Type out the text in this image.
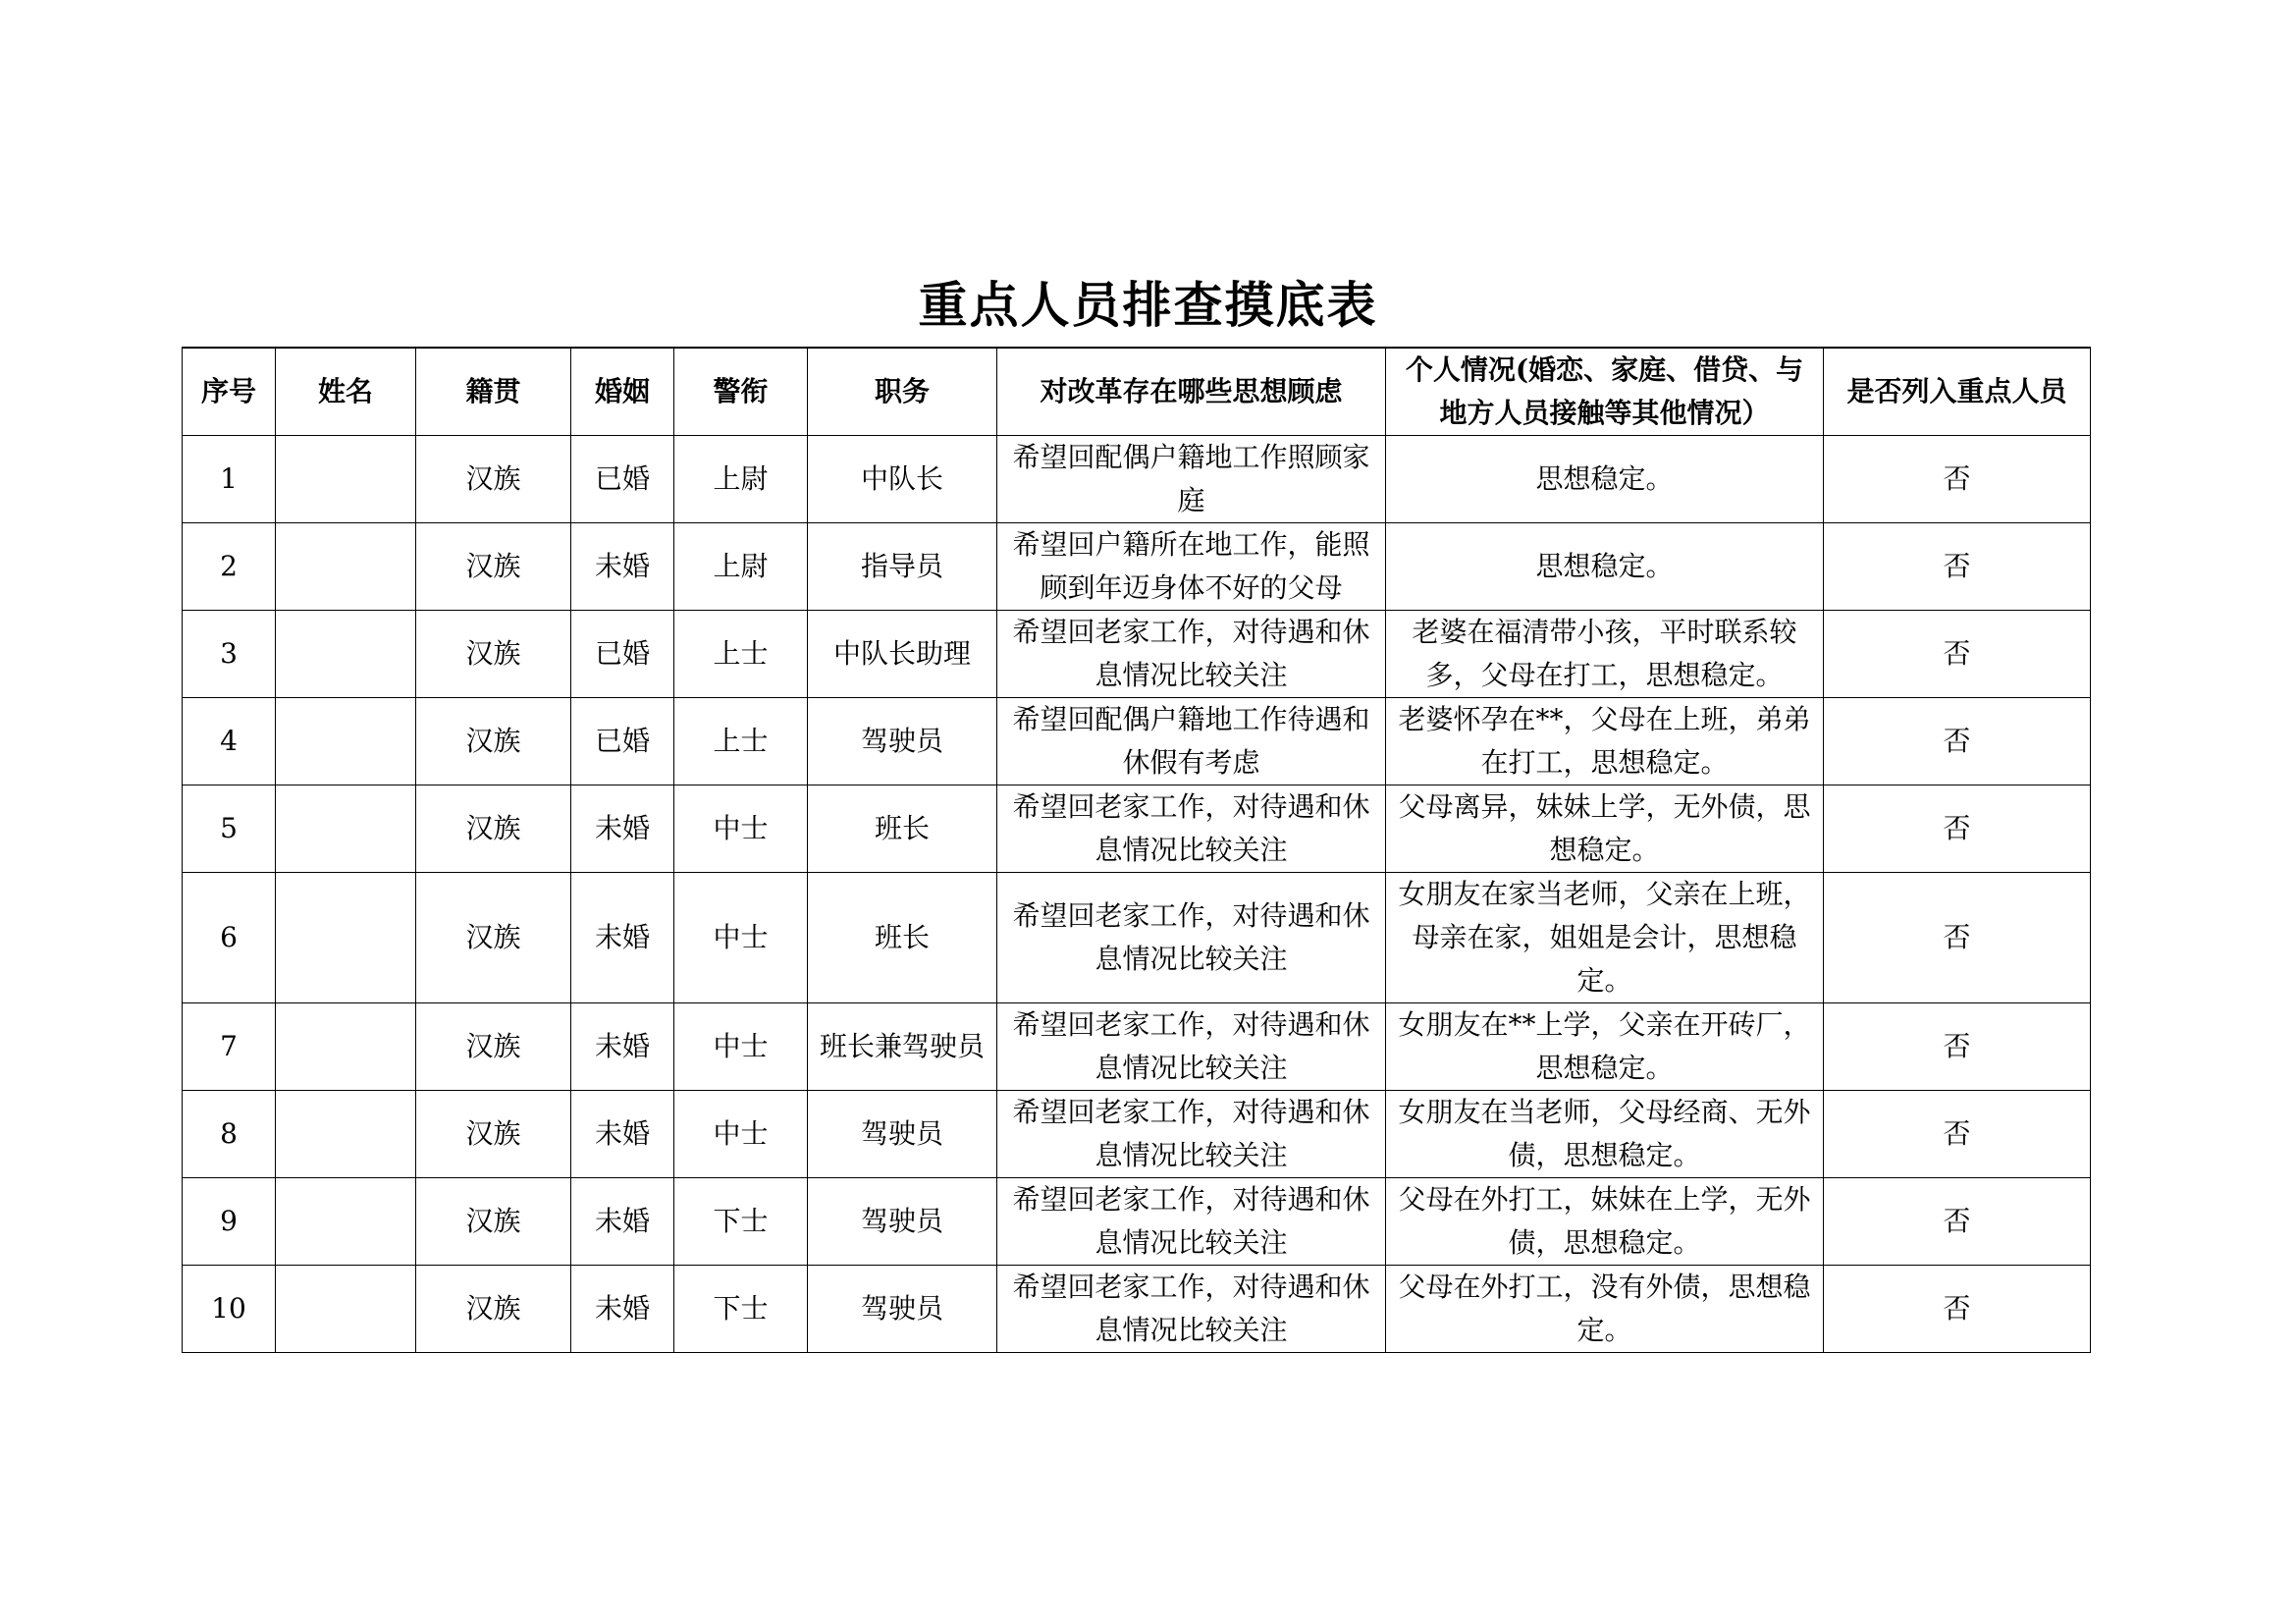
重点人员排查摸底表
序号	姓名	籍贯	婚姻	警衔	职务	对改革存在哪些思想顾虑	个人情况(婚恋、家庭、借贷、与地方人员接触等其他情况）	是否列入重点人员
1		汉族	已婚	上尉	中队长	希望回配偶户籍地工作照顾家庭	思想稳定。	否
2		汉族	未婚	上尉	指导员	希望回户籍所在地工作，能照顾到年迈身体不好的父母	思想稳定。	否
3		汉族	已婚	上士	中队长助理	希望回老家工作，对待遇和休息情况比较关注	老婆在福清带小孩，平时联系较多，父母在打工，思想稳定。	否
4		汉族	已婚	上士	驾驶员	希望回配偶户籍地工作待遇和休假有考虑	老婆怀孕在**，父母在上班，弟弟在打工，思想稳定。	否
5		汉族	未婚	中士	班长	希望回老家工作，对待遇和休息情况比较关注	父母离异，妹妹上学，无外债，思想稳定。	否
6		汉族	未婚	中士	班长	希望回老家工作，对待遇和休息情况比较关注	女朋友在家当老师，父亲在上班，母亲在家，姐姐是会计，思想稳定。	否
7		汉族	未婚	中士	班长兼驾驶员	希望回老家工作，对待遇和休息情况比较关注	女朋友在**上学，父亲在开砖厂，思想稳定。	否
8		汉族	未婚	中士	驾驶员	希望回老家工作，对待遇和休息情况比较关注	女朋友在当老师，父母经商、无外债，思想稳定。	否
9		汉族	未婚	下士	驾驶员	希望回老家工作，对待遇和休息情况比较关注	父母在外打工，妹妹在上学，无外债，思想稳定。	否
10		汉族	未婚	下士	驾驶员	希望回老家工作，对待遇和休息情况比较关注	父母在外打工，没有外债，思想稳定。	否
